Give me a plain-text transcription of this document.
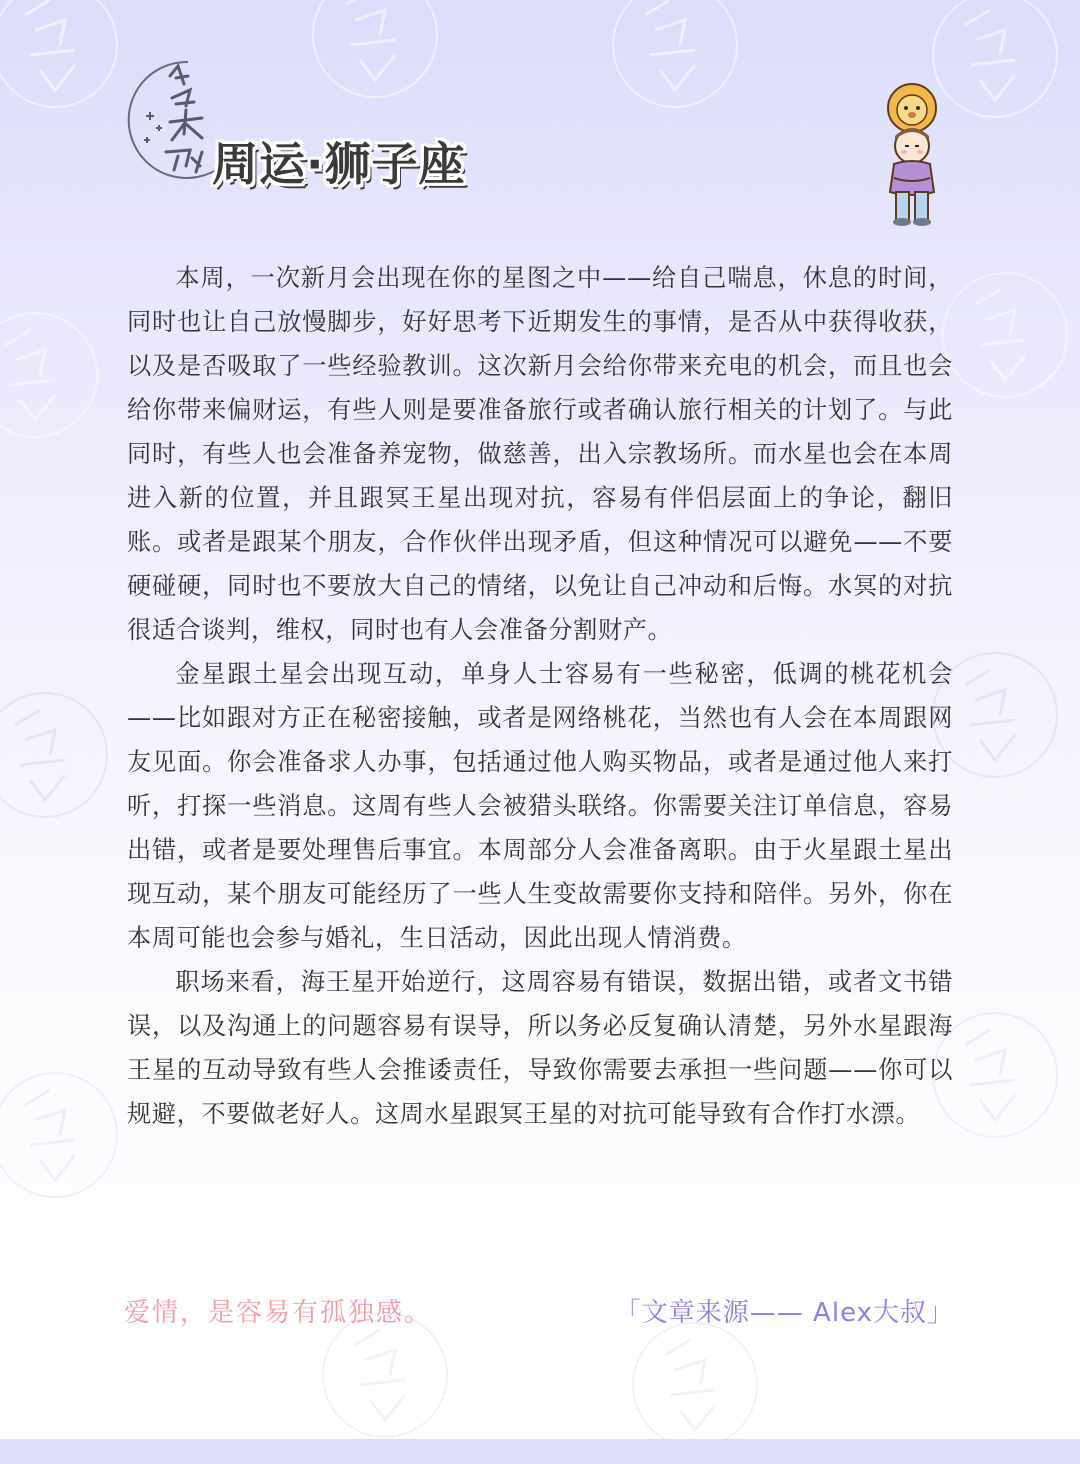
周运·狮子座

本周，一次新月会出现在你的星图之中——给自己喘息，休息的时间，同时也让自己放慢脚步，好好思考下近期发生的事情，是否从中获得收获，以及是否吸取了一些经验教训。这次新月会给你带来充电的机会，而且也会给你带来偏财运，有些人则是要准备旅行或者确认旅行相关的计划了。与此同时，有些人也会准备养宠物，做慈善，出入宗教场所。而水星也会在本周进入新的位置，并且跟冥王星出现对抗，容易有伴侣层面上的争论，翻旧账。或者是跟某个朋友，合作伙伴出现矛盾，但这种情况可以避免——不要硬碰硬，同时也不要放大自己的情绪，以免让自己冲动和后悔。水冥的对抗很适合谈判，维权，同时也有人会准备分割财产。

金星跟土星会出现互动，单身人士容易有一些秘密，低调的桃花机会——比如跟对方正在秘密接触，或者是网络桃花，当然也有人会在本周跟网友见面。你会准备求人办事，包括通过他人购买物品，或者是通过他人来打听，打探一些消息。这周有些人会被猎头联络。你需要关注订单信息，容易出错，或者是要处理售后事宜。本周部分人会准备离职。由于火星跟土星出现互动，某个朋友可能经历了一些人生变故需要你支持和陪伴。另外，你在本周可能也会参与婚礼，生日活动，因此出现人情消费。

职场来看，海王星开始逆行，这周容易有错误，数据出错，或者文书错误，以及沟通上的问题容易有误导，所以务必反复确认清楚，另外水星跟海王星的互动导致有些人会推诿责任，导致你需要去承担一些问题——你可以规避，不要做老好人。这周水星跟冥王星的对抗可能导致有合作打水漂。

爱情，是容易有孤独感。	「文章来源—— Alex大叔」
